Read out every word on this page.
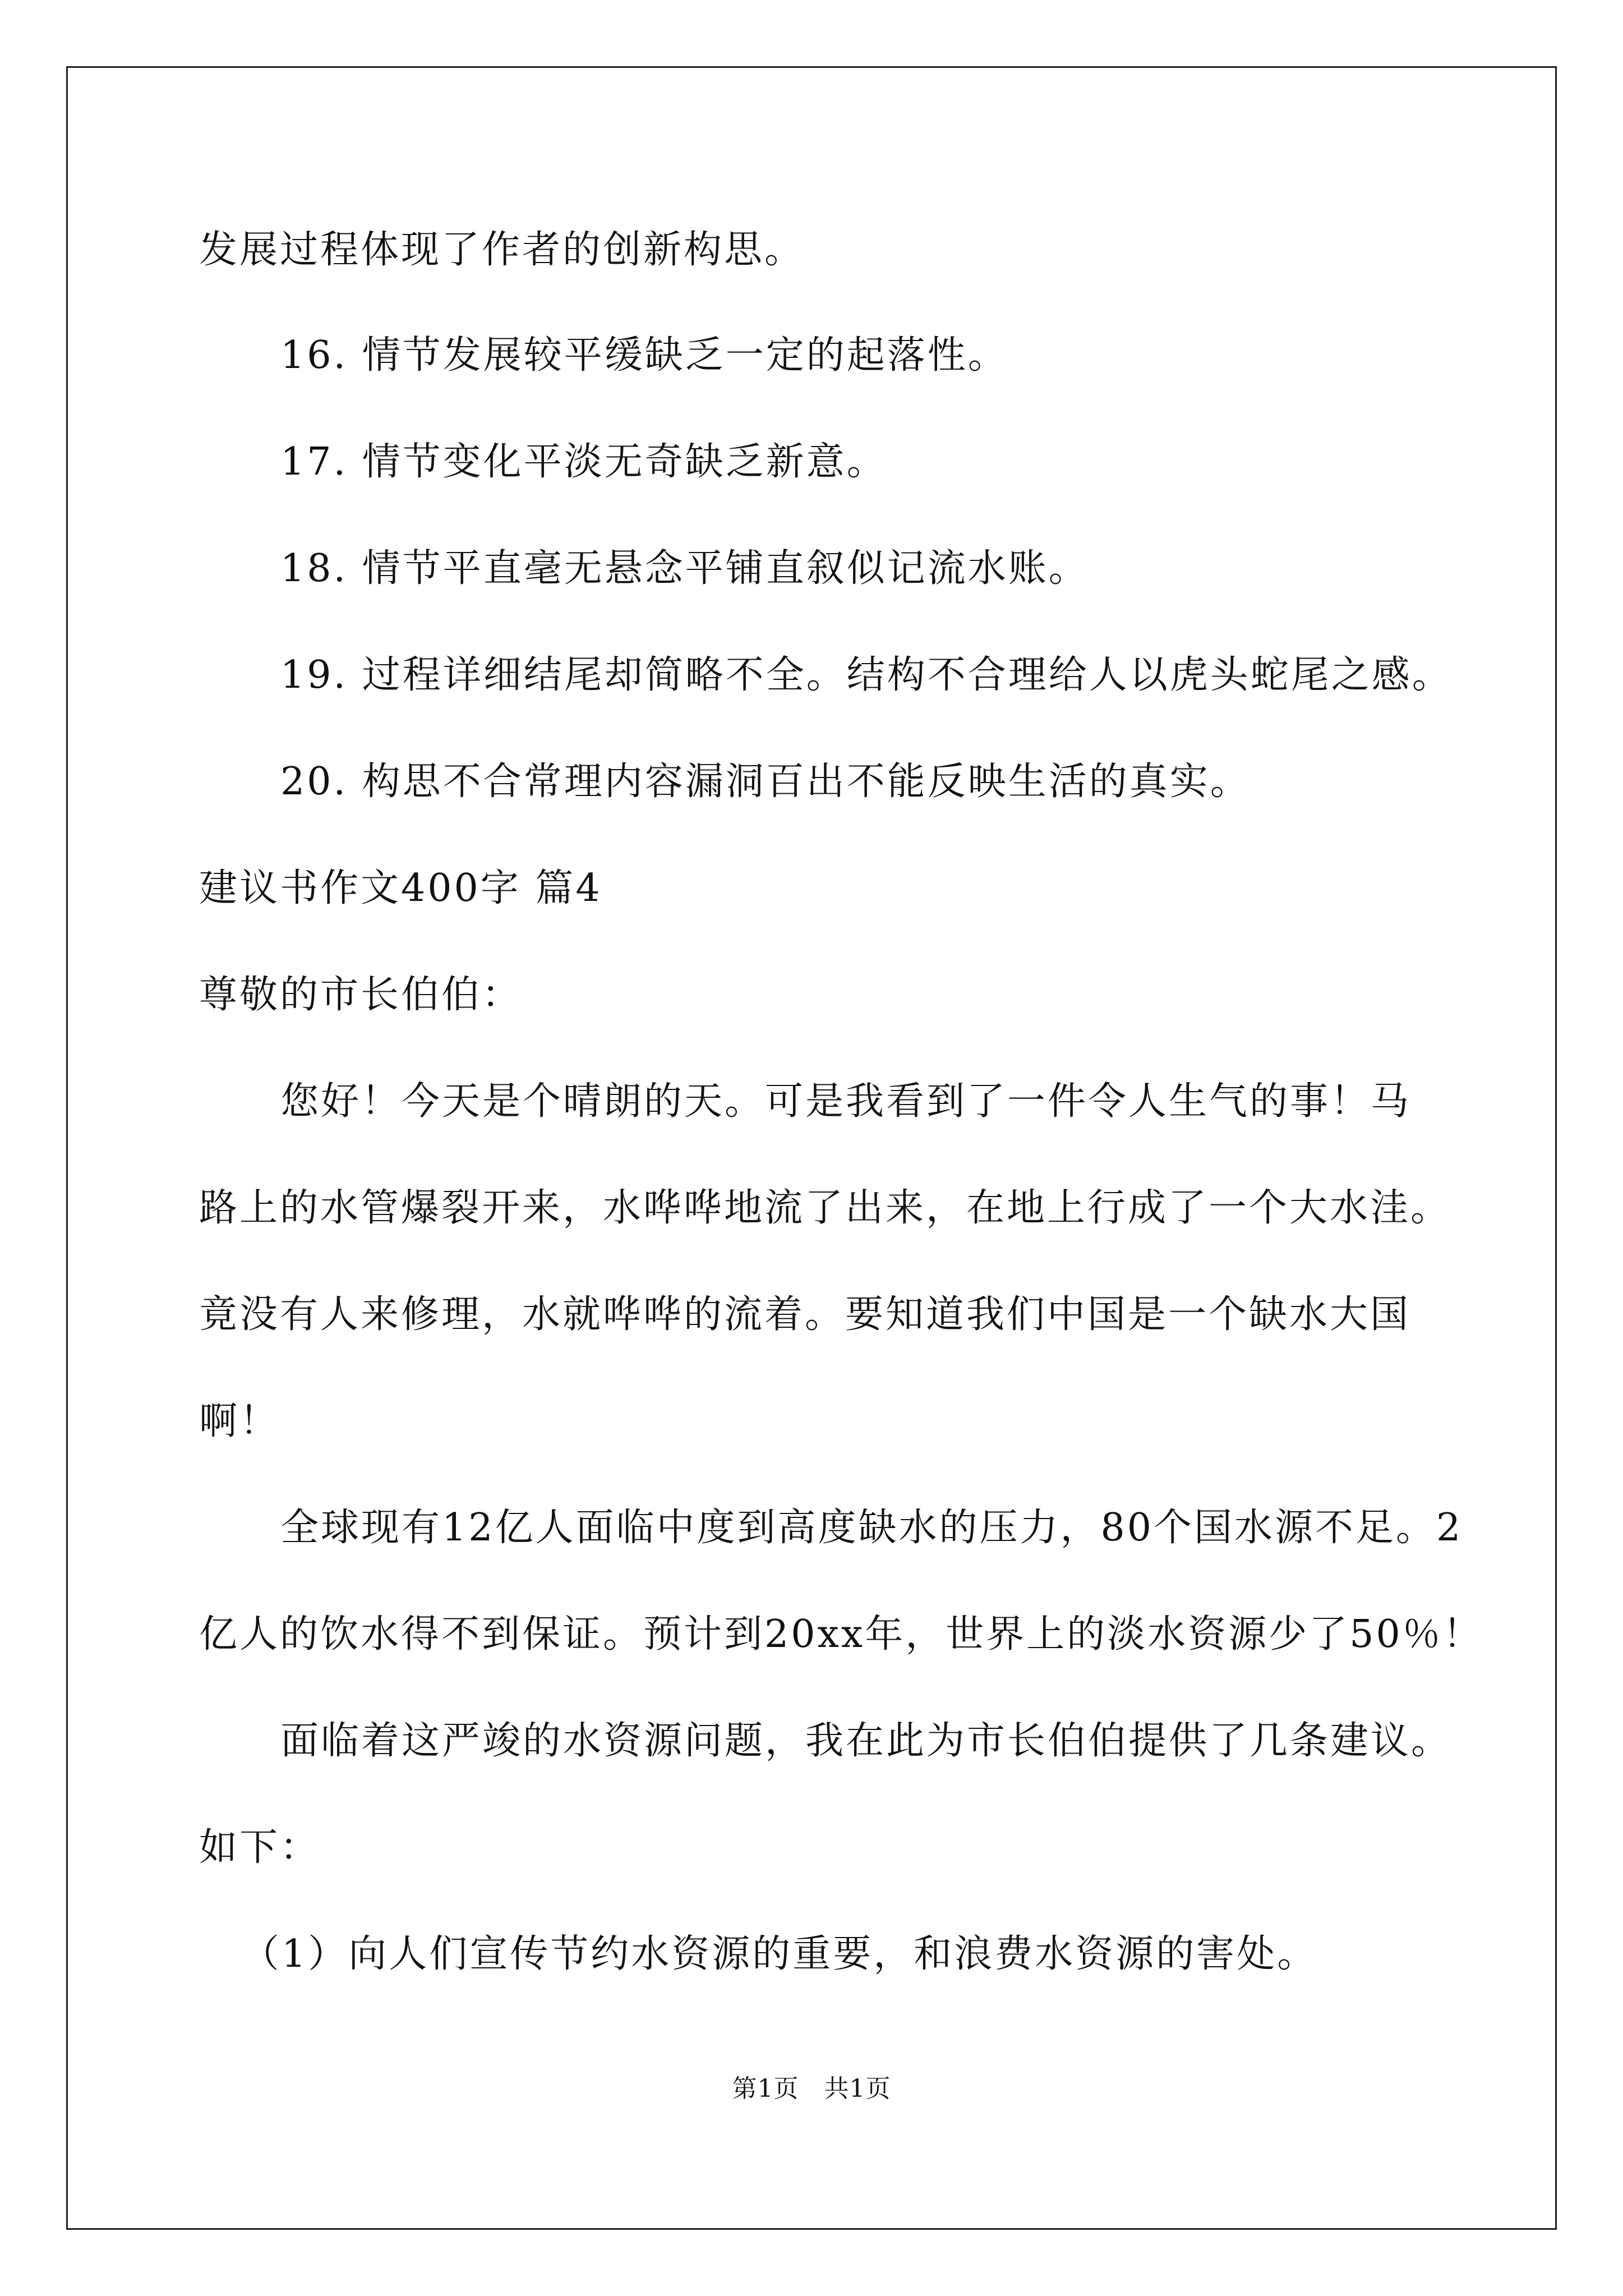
发展过程体现了作者的创新构思。
16. 情节发展较平缓缺乏一定的起落性。
17. 情节变化平淡无奇缺乏新意。
18. 情节平直毫无悬念平铺直叙似记流水账。
19. 过程详细结尾却简略不全。结构不合理给人以虎头蛇尾之感。
20. 构思不合常理内容漏洞百出不能反映生活的真实。
建议书作文400字 篇4
尊敬的市长伯伯：
您好！今天是个晴朗的天。可是我看到了一件令人生气的事！马
路上的水管爆裂开来，水哗哗地流了出来，在地上行成了一个大水洼。
竟没有人来修理，水就哗哗的流着。要知道我们中国是一个缺水大国
啊！
全球现有12亿人面临中度到高度缺水的压力，80个国水源不足。2
亿人的饮水得不到保证。预计到20xx年，世界上的淡水资源少了50％！
面临着这严竣的水资源问题，我在此为市长伯伯提供了几条建议。
如下：
（1）向人们宣传节约水资源的重要，和浪费水资源的害处。
第1页　共1页
